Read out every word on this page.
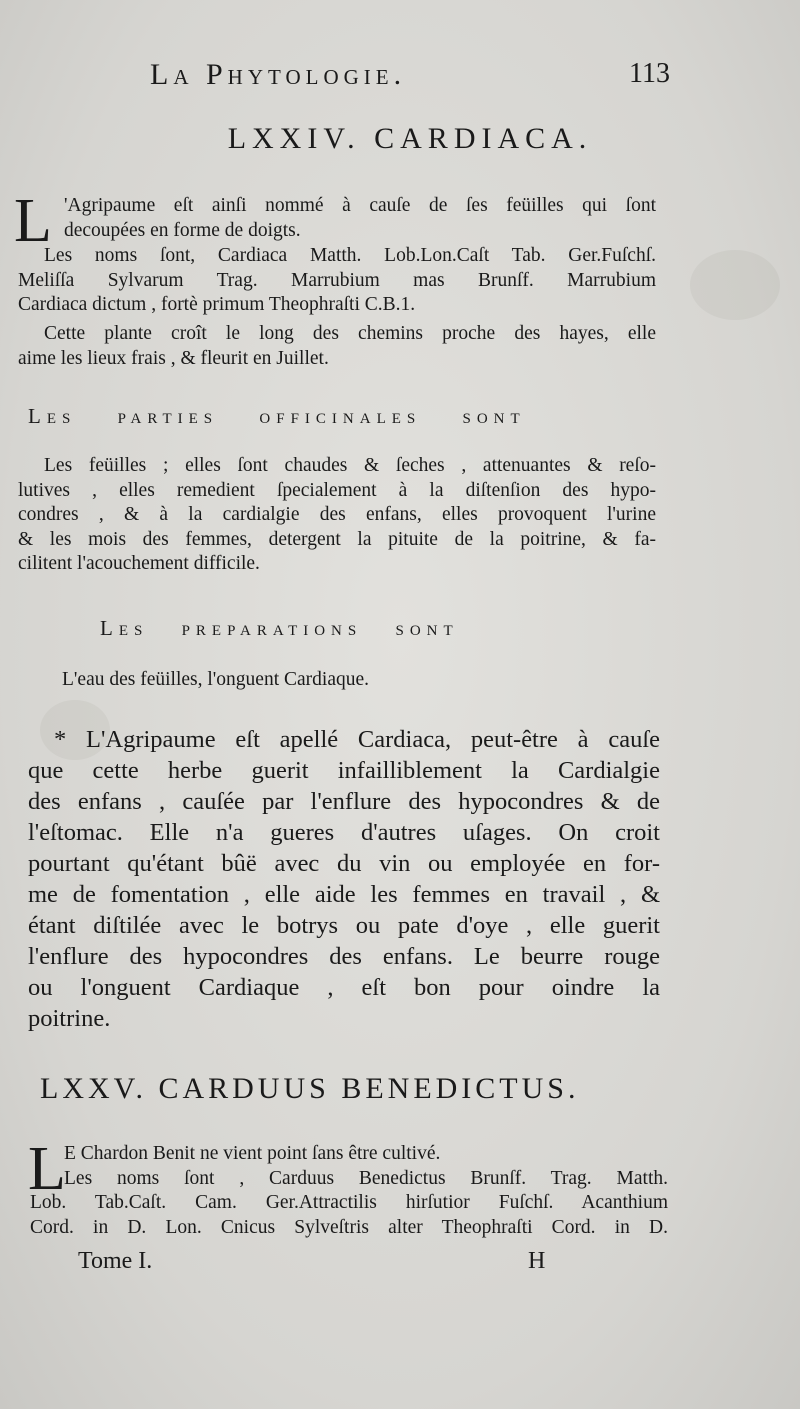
La Phytologie.	113
LXXIV. CARDIACA.
L 'Agripaume eſt ainſi nommé à cauſe de ſes feüilles qui ſont
decoupées en forme de doigts.
Les noms ſont, Cardiaca Matth. Lob.Lon.Caſt Tab. Ger.Fuſchſ.
Meliſſa Sylvarum Trag. Marrubium mas Brunſf. Marrubium
Cardiaca dictum , fortè primum Theophraſti C.B.1.
Cette plante croît le long des chemins proche des hayes, elle
aime les lieux frais , & fleurit en Juillet.
Les parties officinales sont
Les feüilles ; elles ſont chaudes & ſeches , attenuantes & reſo-
lutives , elles remedient ſpecialement à la diſtenſion des hypo-
condres , & à la cardialgie des enfans, elles provoquent l'urine
& les mois des femmes, detergent la pituite de la poitrine, & fa-
cilitent l'acouchement difficile.
Les preparations sont
L'eau des feüilles, l'onguent Cardiaque.
* L'Agripaume eſt apellé Cardiaca, peut-être à cauſe
que cette herbe guerit infailliblement la Cardialgie
des enfans , cauſée par l'enflure des hypocondres & de
l'eſtomac. Elle n'a gueres d'autres uſages. On croit
pourtant qu'étant bûë avec du vin ou employée en for-
me de fomentation , elle aide les femmes en travail , &
étant diſtilée avec le botrys ou pate d'oye , elle guerit
l'enflure des hypocondres des enfans. Le beurre rouge
ou l'onguent Cardiaque , eſt bon pour oindre la
poitrine.
LXXV. CARDUUS BENEDICTUS.
L
E Chardon Benit ne vient point ſans être cultivé.
Les noms ſont , Carduus Benedictus Brunſf. Trag. Matth.
Lob. Tab.Caſt. Cam. Ger.Attractilis hirſutior Fuſchſ. Acanthium
Cord. in D. Lon. Cnicus Sylveſtris alter Theophraſti Cord. in D.
Tome I.	H
